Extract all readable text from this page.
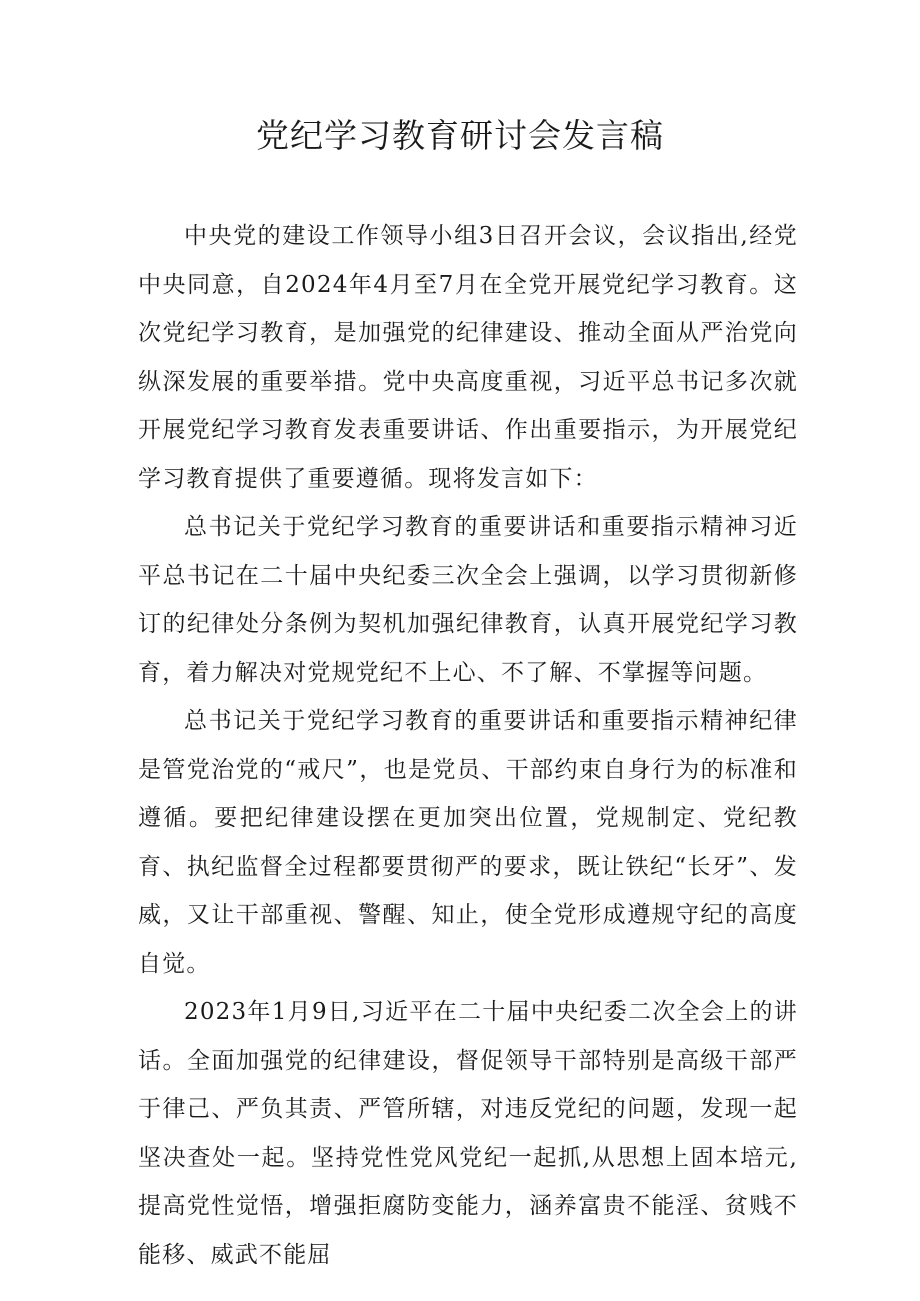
党纪学习教育研讨会发言稿

中央党的建设工作领导小组3日召开会议，会议指出,经党中央同意，自2024年4月至7月在全党开展党纪学习教育。这次党纪学习教育，是加强党的纪律建设、推动全面从严治党向纵深发展的重要举措。党中央高度重视，习近平总书记多次就开展党纪学习教育发表重要讲话、作出重要指示，为开展党纪学习教育提供了重要遵循。现将发言如下：

总书记关于党纪学习教育的重要讲话和重要指示精神习近平总书记在二十届中央纪委三次全会上强调，以学习贯彻新修订的纪律处分条例为契机加强纪律教育，认真开展党纪学习教育，着力解决对党规党纪不上心、不了解、不掌握等问题。

总书记关于党纪学习教育的重要讲话和重要指示精神纪律是管党治党的“戒尺”，也是党员、干部约束自身行为的标准和遵循。要把纪律建设摆在更加突出位置，党规制定、党纪教育、执纪监督全过程都要贯彻严的要求，既让铁纪“长牙”、发威，又让干部重视、警醒、知止，使全党形成遵规守纪的高度自觉。

2023年1月9日,习近平在二十届中央纪委二次全会上的讲话。全面加强党的纪律建设，督促领导干部特别是高级干部严于律己、严负其责、严管所辖，对违反党纪的问题，发现一起坚决查处一起。坚持党性党风党纪一起抓,从思想上固本培元,提高党性觉悟，增强拒腐防变能力，涵养富贵不能淫、贫贱不能移、威武不能屈
